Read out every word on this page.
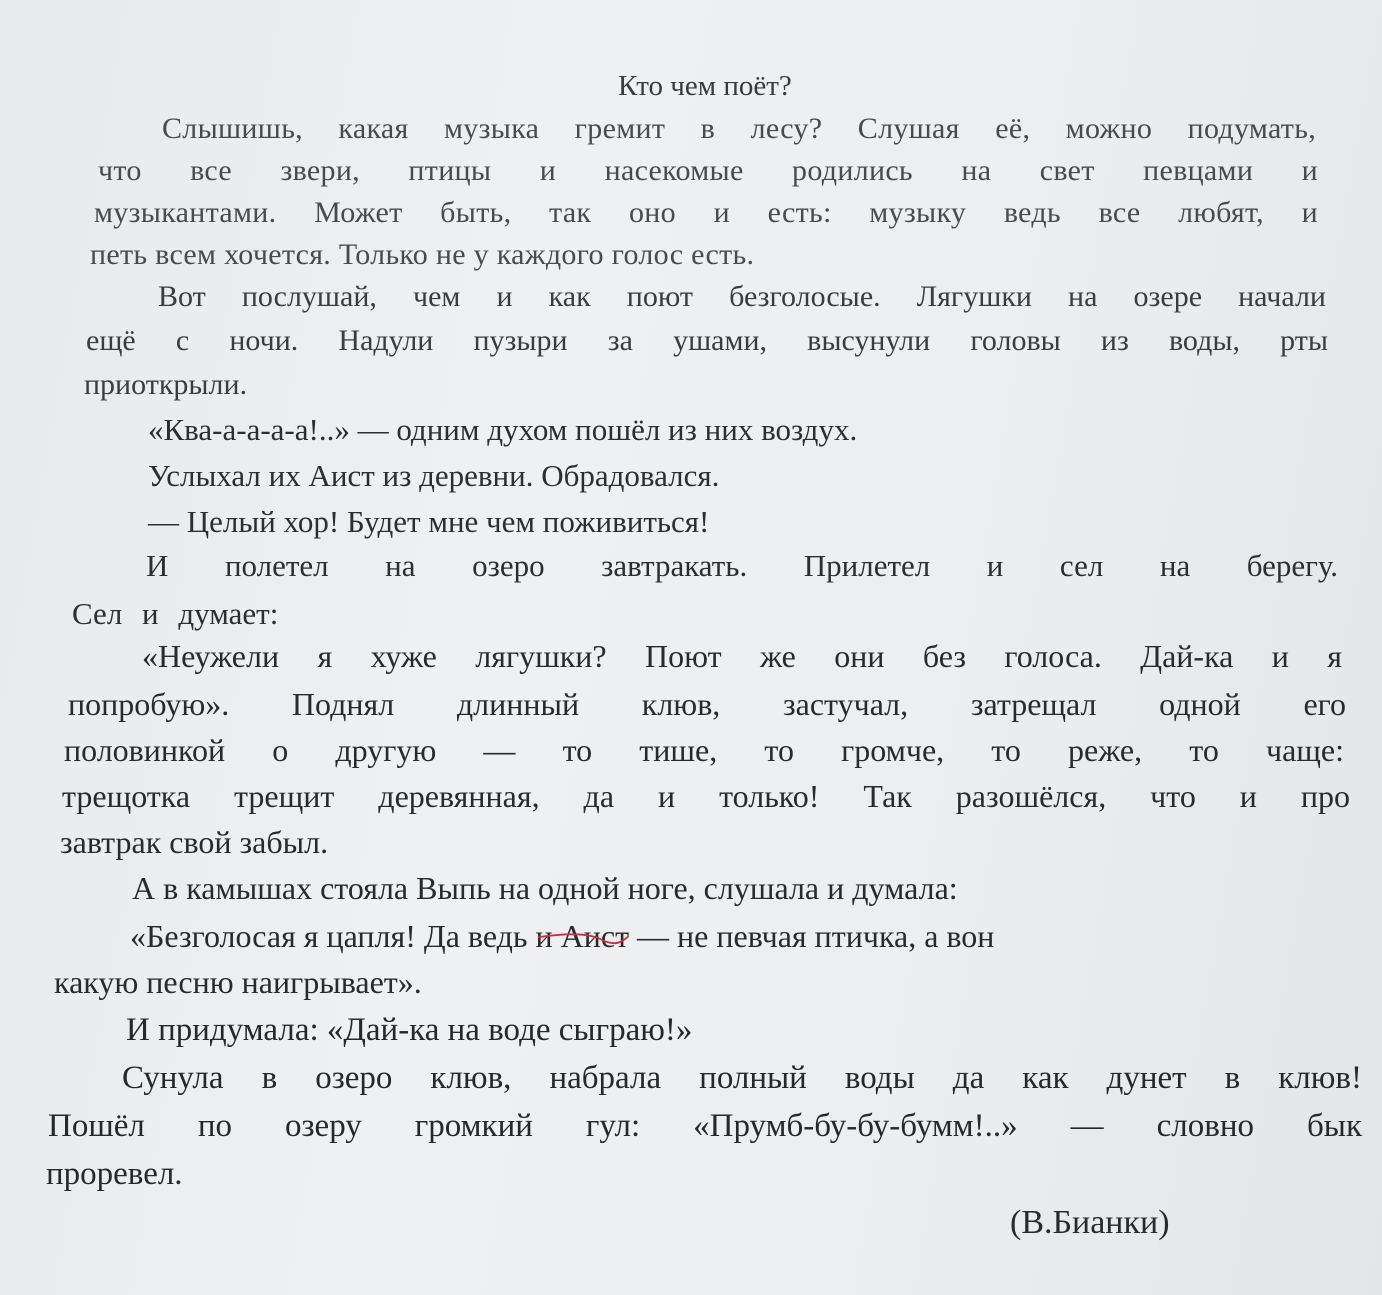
Кто чем поёт?
Слышишь, какая музыка гремит в лесу? Слушая её, можно подумать,
что все звери, птицы и насекомые родились на свет певцами и
музыкантами. Может быть, так оно и есть: музыку ведь все любят, и
петь всем хочется. Только не у каждого голос есть.
Вот послушай, чем и как поют безголосые. Лягушки на озере начали
ещё с ночи. Надули пузыри за ушами, высунули головы из воды, рты
приоткрыли.
«Ква-а-а-а-а!..» — одним духом пошёл из них воздух.
Услыхал их Аист из деревни. Обрадовался.
— Целый хор! Будет мне чем поживиться!
И полетел на озеро завтракать. Прилетел и сел на берегу.
Сел и думает:
«Неужели я хуже лягушки? Поют же они без голоса. Дай-ка и я
попробую». Поднял длинный клюв, застучал, затрещал одной его
половинкой о другую — то тише, то громче, то реже, то чаще:
трещотка трещит деревянная, да и только! Так разошёлся, что и про
завтрак свой забыл.
А в камышах стояла Выпь на одной ноге, слушала и думала:
«Безголосая я цапля! Да ведь и Аист — не певчая птичка, а вон
какую песню наигрывает».
И придумала: «Дай-ка на воде сыграю!»
Сунула в озеро клюв, набрала полный воды да как дунет в клюв!
Пошёл по озеру громкий гул: «Прумб-бу-бу-бумм!..» — словно бык
проревел.
(В.Бианки)
